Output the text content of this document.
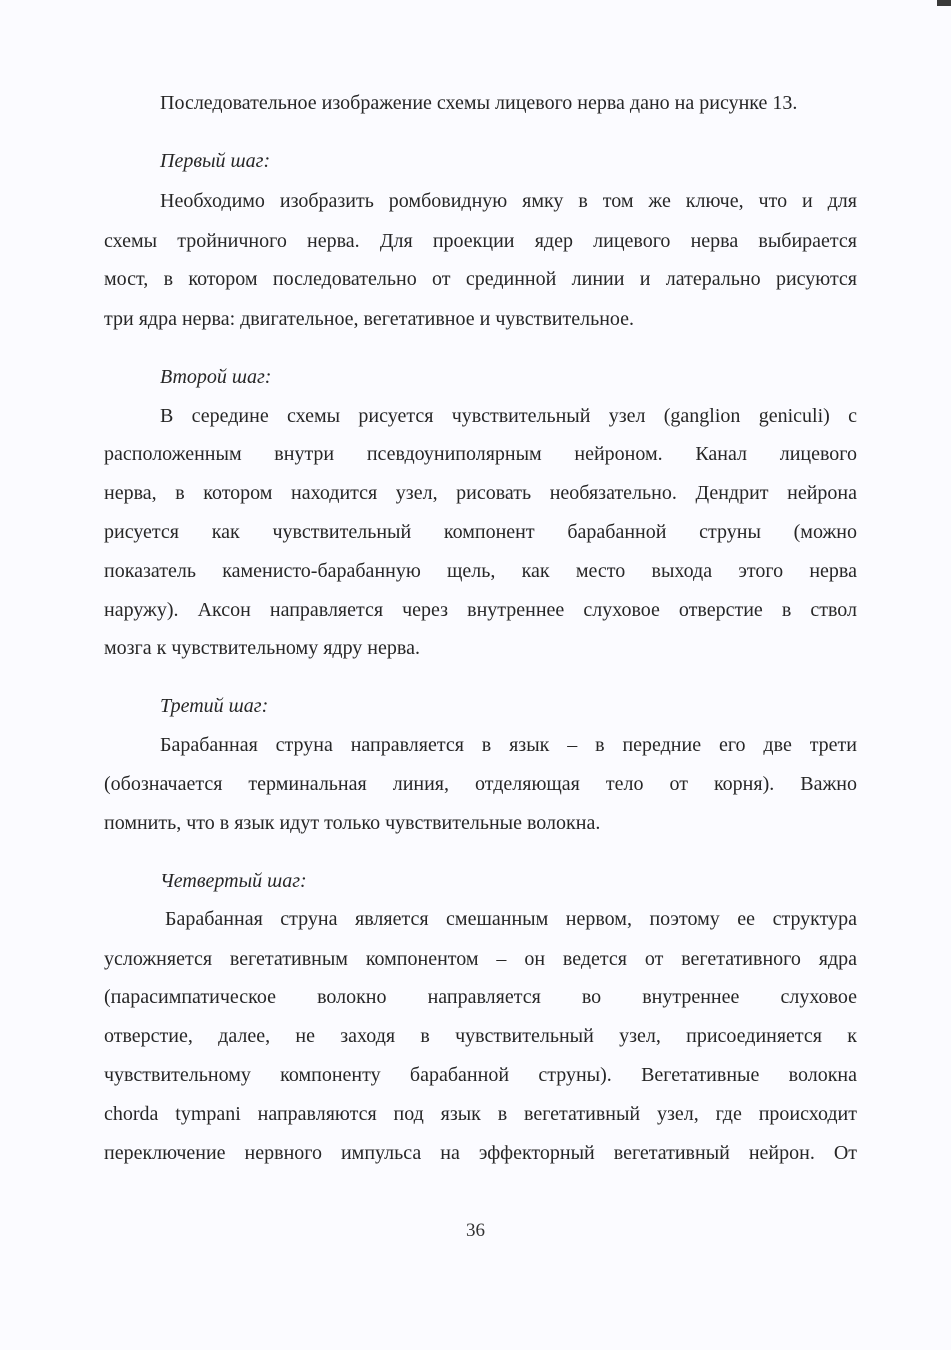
Последовательное изображение схемы лицевого нерва дано на рисунке 13.
Первый шаг:
Необходимо изобразить ромбовидную ямку в том же ключе, что и для
схемы тройничного нерва. Для проекции ядер лицевого нерва выбирается
мост, в котором последовательно от срединной линии и латерально рисуются
три ядра нерва: двигательное, вегетативное и чувствительное.
Второй шаг:
В середине схемы рисуется чувствительный узел (ganglion geniculi) с
расположенным внутри псевдоуниполярным нейроном. Канал лицевого
нерва, в котором находится узел, рисовать необязательно. Дендрит нейрона
рисуется как чувствительный компонент барабанной струны (можно
показатель каменисто-барабанную щель, как место выхода этого нерва
наружу). Аксон направляется через внутреннее слуховое отверстие в ствол
мозга к чувствительному ядру нерва.
Третий шаг:
Барабанная струна направляется в язык – в передние его две трети
(обозначается терминальная линия, отделяющая тело от корня). Важно
помнить, что в язык идут только чувствительные волокна.
Четвертый шаг:
Барабанная струна является смешанным нервом, поэтому ее структура
усложняется вегетативным компонентом – он ведется от вегетативного ядра
(парасимпатическое волокно направляется во внутреннее слуховое
отверстие, далее, не заходя в чувствительный узел, присоединяется к
чувствительному компоненту барабанной струны). Вегетативные волокна
chorda tympani направляются под язык в вегетативный узел, где происходит
переключение нервного импульса на эффекторный вегетативный нейрон. От
36
